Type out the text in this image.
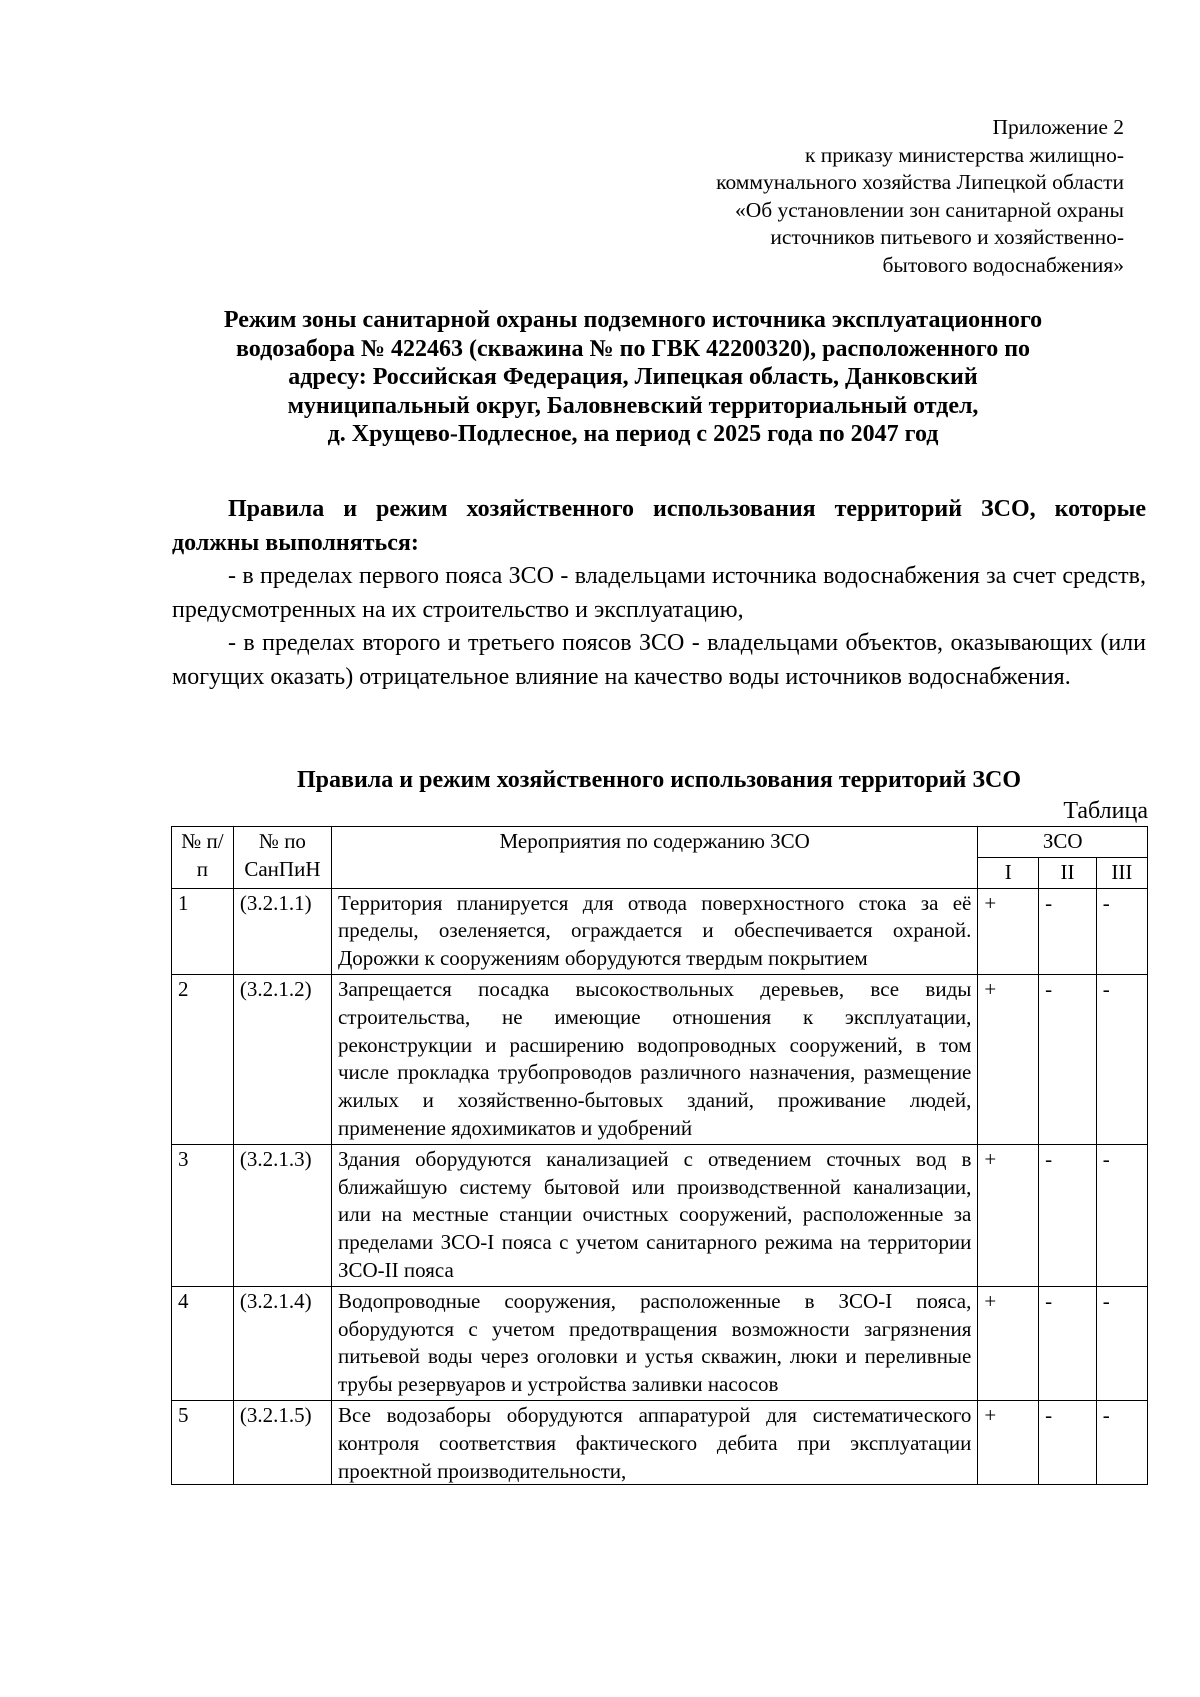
Приложение 2
к приказу министерства жилищно-
коммунального хозяйства Липецкой области
«Об установлении зон санитарной охраны
источников питьевого и хозяйственно-
бытового водоснабжения»
Режим зоны санитарной охраны подземного источника эксплуатационного
водозабора № 422463 (скважина № по ГВК 42200320), расположенного по
адресу: Российская Федерация, Липецкая область, Данковский
муниципальный округ, Баловневский территориальный отдел,
д. Хрущево-Подлесное, на период с 2025 года по 2047 год

Правила и режим хозяйственного использования территорий ЗСО, которые должны выполняться:

- в пределах первого пояса ЗСО - владельцами источника водоснабжения за счет средств, предусмотренных на их строительство и эксплуатацию,

- в пределах второго и третьего поясов ЗСО - владельцами объектов, оказывающих (или могущих оказать) отрицательное влияние на качество воды источников водоснабжения.

Правила и режим хозяйственного использования территорий ЗСО
Таблица
№ п/п	№ по СанПиН	Мероприятия по содержанию ЗСО	ЗСО		
			I	II	III
1	(3.2.1.1)	Территория планируется для отвода поверхностного стока за её пределы, озеленяется, ограждается и обеспечивается охраной. Дорожки к сооружениям оборудуются твердым покрытием	+	-	-
2	(3.2.1.2)	Запрещается посадка высокоствольных деревьев, все виды строительства, не имеющие отношения к эксплуатации, реконструкции и расширению водопроводных сооружений, в том числе прокладка трубопроводов различного назначения, размещение жилых и хозяйственно-бытовых зданий, проживание людей, применение ядохимикатов и удобрений	+	-	-
3	(3.2.1.3)	Здания оборудуются канализацией с отведением сточных вод в ближайшую систему бытовой или производственной канализации, или на местные станции очистных сооружений, расположенные за пределами ЗСО-I пояса с учетом санитарного режима на территории ЗСО-II пояса	+	-	-
4	(3.2.1.4)	Водопроводные сооружения, расположенные в ЗСО-I пояса, оборудуются с учетом предотвращения возможности загрязнения питьевой воды через оголовки и устья скважин, люки и переливные трубы резервуаров и устройства заливки насосов	+	-	-
5	(3.2.1.5)	Все водозаборы оборудуются аппаратурой для систематического контроля соответствия фактического дебита при эксплуатации проектной производительности,	+	-	-
